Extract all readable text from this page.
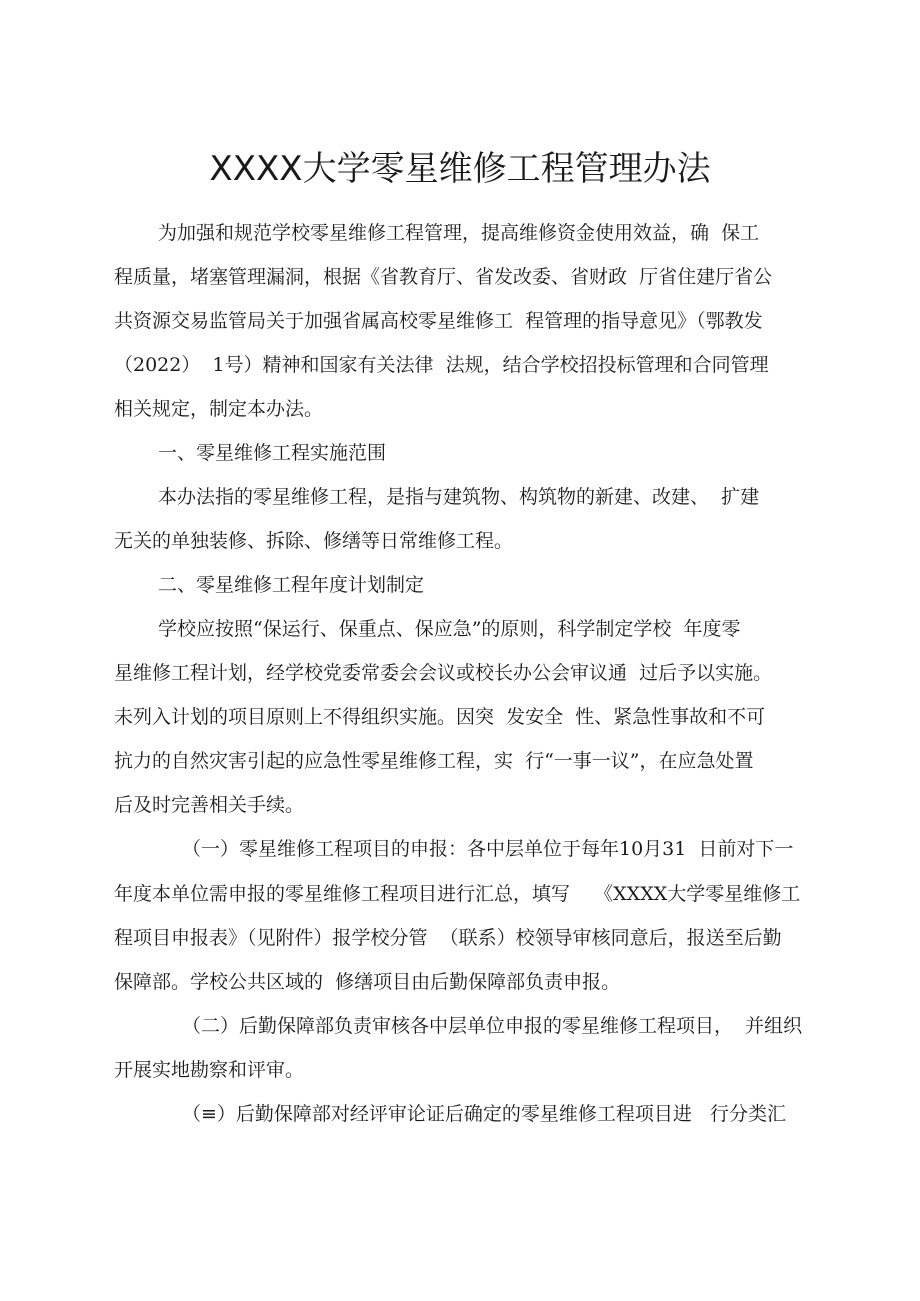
XXXX大学零星维修工程管理办法
为加强和规范学校零星维修工程管理，提高维修资金使用效益，确  保工
程质量，堵塞管理漏洞，根据《省教育厅、省发改委、省财政  厅省住建厅省公
共资源交易监管局关于加强省属高校零星维修工  程管理的指导意见》（鄂教发
（2022）  1号）精神和国家有关法律  法规，结合学校招投标管理和合同管理
相关规定，制定本办法。
一、零星维修工程实施范围
本办法指的零星维修工程，是指与建筑物、构筑物的新建、改建、  扩建
无关的单独装修、拆除、修缮等日常维修工程。
二、零星维修工程年度计划制定
学校应按照“保运行、保重点、保应急”的原则，科学制定学校  年度零
星维修工程计划，经学校党委常委会会议或校长办公会审议通  过后予以实施。
未列入计划的项目原则上不得组织实施。因突  发安全  性、紧急性事故和不可
抗力的自然灾害引起的应急性零星维修工程，实  行“一事一议”，在应急处置
后及时完善相关手续。
（一）零星维修工程项目的申报：各中层单位于每年10月31  日前对下一
年度本单位需申报的零星维修工程项目进行汇总，填写    《XXXX大学零星维修工
程项目申报表》（见附件）报学校分管  （联系）校领导审核同意后，报送至后勤
保障部。学校公共区域的  修缮项目由后勤保障部负责申报。
（二）后勤保障部负责审核各中层单位申报的零星维修工程项目，  并组织
开展实地勘察和评审。
（≡）后勤保障部对经评审论证后确定的零星维修工程项目进   行分类汇
